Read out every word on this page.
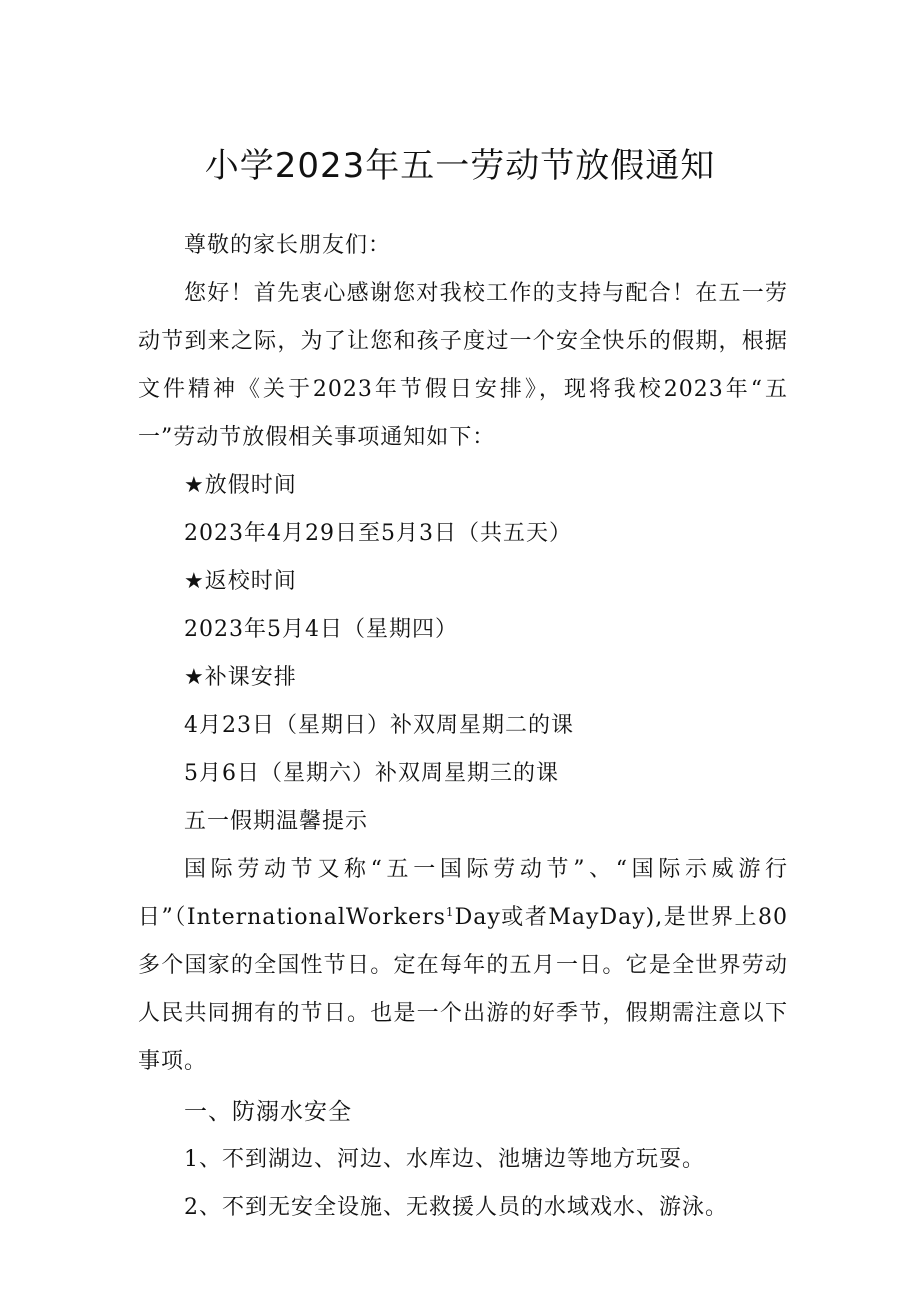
小学2023年五一劳动节放假通知

尊敬的家长朋友们：

您好！首先衷心感谢您对我校工作的支持与配合！在五一劳动节到来之际，为了让您和孩子度过一个安全快乐的假期，根据文件精神《关于2023年节假日安排》，现将我校2023年“五一”劳动节放假相关事项通知如下：

★放假时间

2023年4月29日至5月3日（共五天）

★返校时间

2023年5月4日（星期四）

★补课安排

4月23日（星期日）补双周星期二的课

5月6日（星期六）补双周星期三的课

五一假期温馨提示

国际劳动节又称“五一国际劳动节”、“国际示威游行日”（InternationalWorkers$^1$Day或者MayDay),是世界上80多个国家的全国性节日。定在每年的五月一日。它是全世界劳动人民共同拥有的节日。也是一个出游的好季节，假期需注意以下事项。

一、防溺水安全

1、不到湖边、河边、水库边、池塘边等地方玩耍。

2、不到无安全设施、无救援人员的水域戏水、游泳。
